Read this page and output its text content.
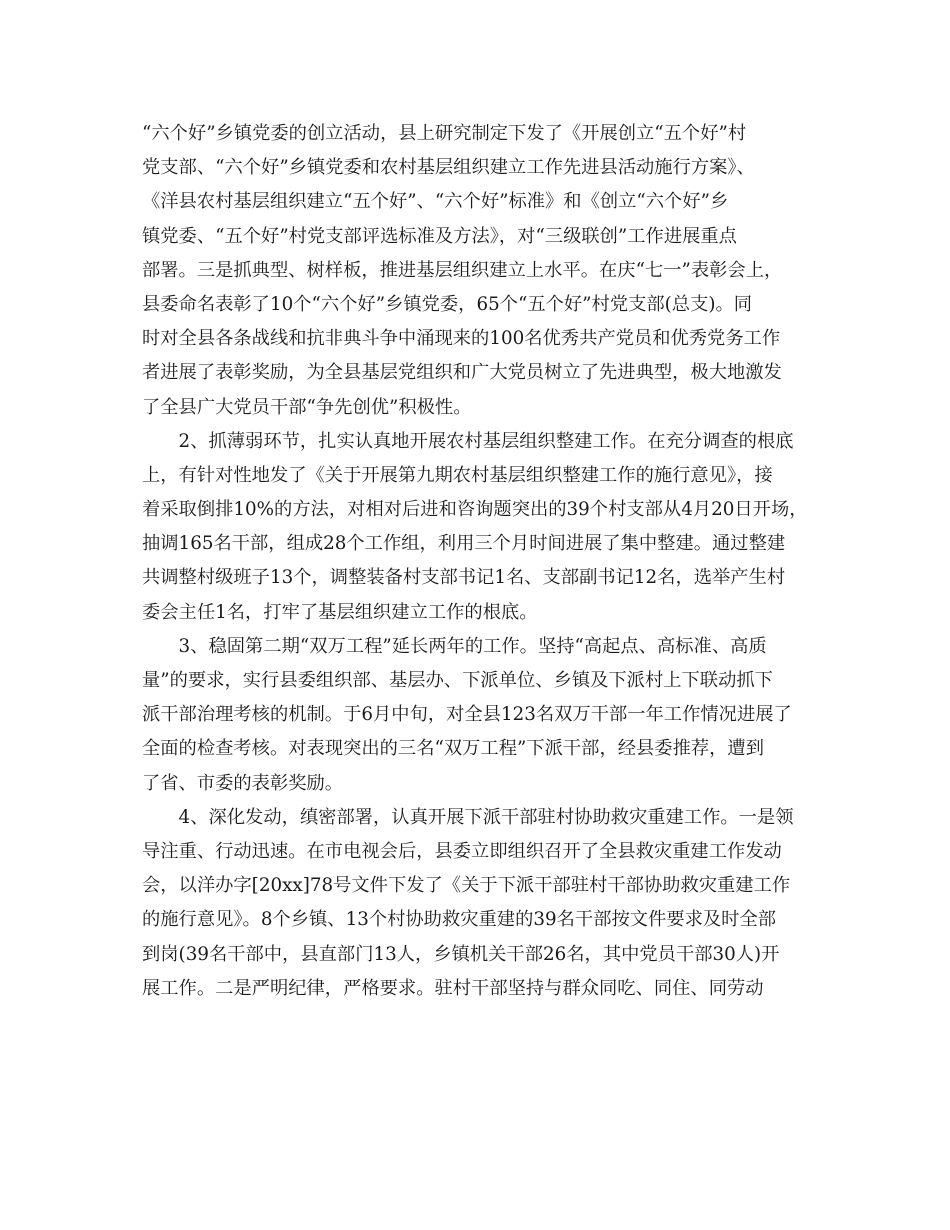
“六个好”乡镇党委的创立活动，县上研究制定下发了《开展创立“五个好”村
党支部、“六个好”乡镇党委和农村基层组织建立工作先进县活动施行方案》、
《洋县农村基层组织建立“五个好”、“六个好”标准》和《创立“六个好”乡
镇党委、“五个好”村党支部评选标准及方法》，对“三级联创”工作进展重点
部署。三是抓典型、树样板，推进基层组织建立上水平。在庆“七一”表彰会上，
县委命名表彰了10个“六个好”乡镇党委，65个“五个好”村党支部(总支)。同
时对全县各条战线和抗非典斗争中涌现来的100名优秀共产党员和优秀党务工作
者进展了表彰奖励，为全县基层党组织和广大党员树立了先进典型，极大地激发
了全县广大党员干部“争先创优”积极性。
　　2、抓薄弱环节，扎实认真地开展农村基层组织整建工作。在充分调查的根底
上，有针对性地发了《关于开展第九期农村基层组织整建工作的施行意见》，接
着采取倒排10%的方法，对相对后进和咨询题突出的39个村支部从4月20日开场，
抽调165名干部，组成28个工作组，利用三个月时间进展了集中整建。通过整建
共调整村级班子13个，调整装备村支部书记1名、支部副书记12名，选举产生村
委会主任1名，打牢了基层组织建立工作的根底。
　　3、稳固第二期“双万工程”延长两年的工作。坚持“高起点、高标准、高质
量”的要求，实行县委组织部、基层办、下派单位、乡镇及下派村上下联动抓下
派干部治理考核的机制。于6月中旬，对全县123名双万干部一年工作情况进展了
全面的检查考核。对表现突出的三名“双万工程”下派干部，经县委推荐，遭到
了省、市委的表彰奖励。
　　4、深化发动，缜密部署，认真开展下派干部驻村协助救灾重建工作。一是领
导注重、行动迅速。在市电视会后，县委立即组织召开了全县救灾重建工作发动
会，以洋办字[20xx]78号文件下发了《关于下派干部驻村干部协助救灾重建工作
的施行意见》。8个乡镇、13个村协助救灾重建的39名干部按文件要求及时全部
到岗(39名干部中，县直部门13人，乡镇机关干部26名，其中党员干部30人)开
展工作。二是严明纪律，严格要求。驻村干部坚持与群众同吃、同住、同劳动
